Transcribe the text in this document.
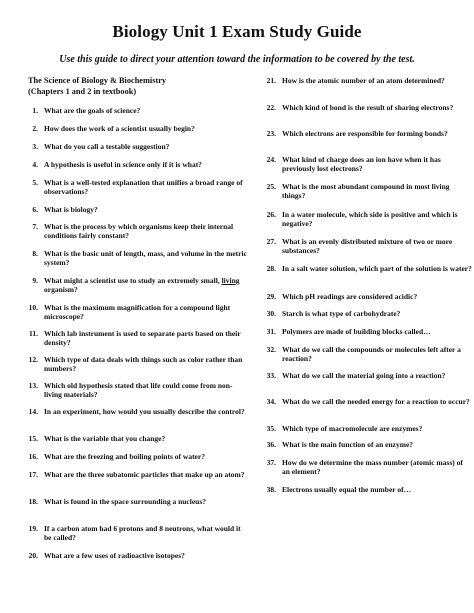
Biology Unit 1 Exam Study Guide
Use this guide to direct your attention toward the information to be covered by the test.
The Science of Biology & Biochemistry
(Chapters 1 and 2 in textbook)
1. What are the goals of science?
2. How does the work of a scientist usually begin?
3. What do you call a testable suggestion?
4. A hypothesis is useful in science only if it is what?
5. What is a well-tested explanation that unifies a broad range of observations?
6. What is biology?
7. What is the process by which organisms keep their internal conditions fairly constant?
8. What is the basic unit of length, mass, and volume in the metric system?
9. What might a scientist use to study an extremely small, living organism?
10. What is the maximum magnification for a compound light microscope?
11. Which lab instrument is used to separate parts based on their density?
12. Which type of data deals with things such as color rather than numbers?
13. Which old hypothesis stated that life could come from non-living materials?
14. In an experiment, how would you usually describe the control?
15. What is the variable that you change?
16. What are the freezing and boiling points of water?
17. What are the three subatomic particles that make up an atom?
18. What is found in the space surrounding a nucleus?
19. If a carbon atom had 6 protons and 8 neutrons, what would it be called?
20. What are a few uses of radioactive isotopes?
21. How is the atomic number of an atom determined?
22. Which kind of bond is the result of sharing electrons?
23. Which electrons are responsible for forming bonds?
24. What kind of charge does an ion have when it has previously lost electrons?
25. What is the most abundant compound in most living things?
26. In a water molecule, which side is positive and which is negative?
27. What is an evenly distributed mixture of two or more substances?
28. In a salt water solution, which part of the solution is water?
29. Which pH readings are considered acidic?
30. Starch is what type of carbohydrate?
31. Polymers are made of building blocks called…
32. What do we call the compounds or molecules left after a reaction?
33. What do we call the material going into a reaction?
34. What do we call the needed energy for a reaction to occur?
35. Which type of macromolecule are enzymes?
36. What is the main function of an enzyme?
37. How do we determine the mass number (atomic mass) of an element?
38. Electrons usually equal the number of…
